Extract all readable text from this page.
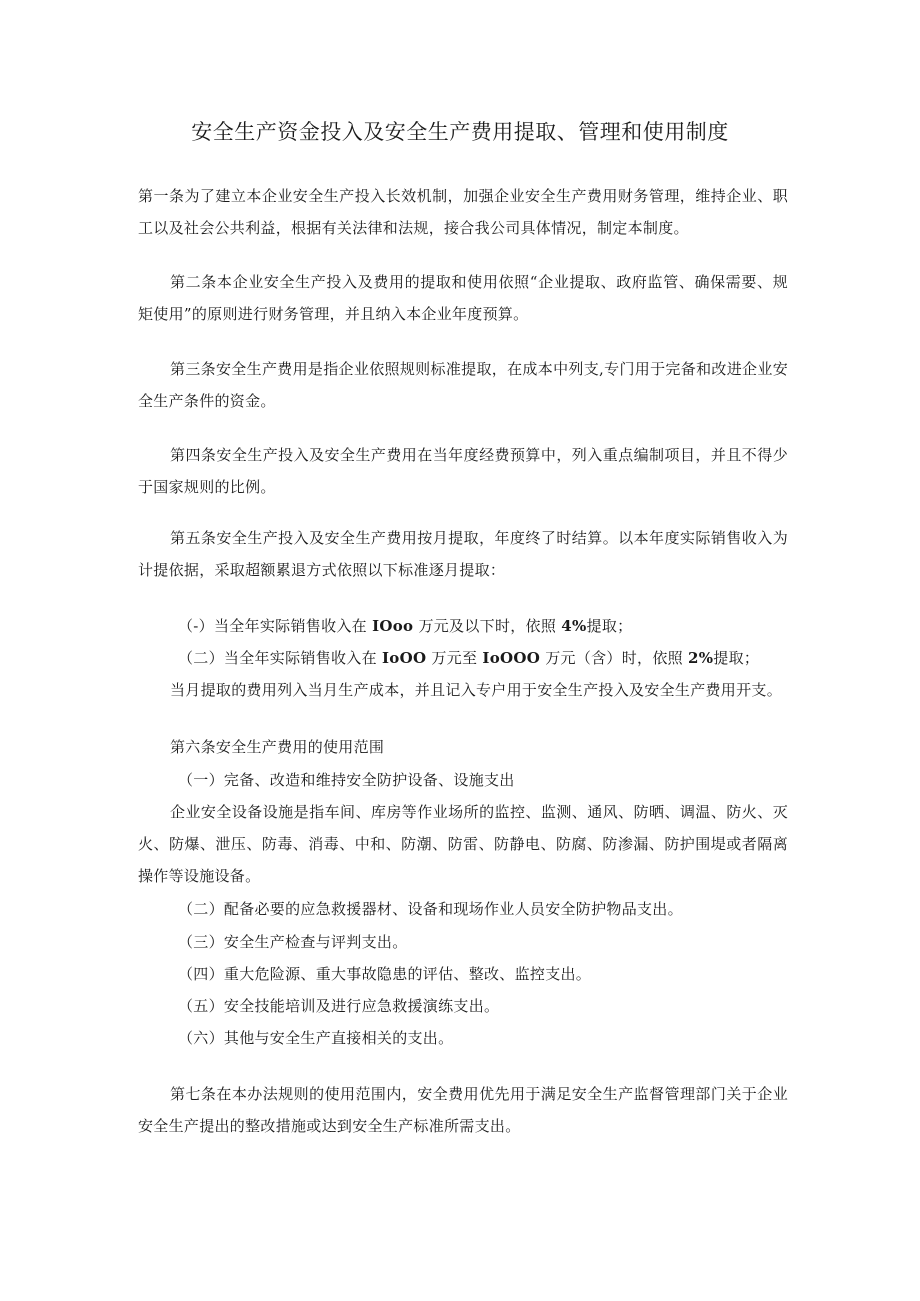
安全生产资金投入及安全生产费用提取、管理和使用制度

第一条为了建立本企业安全生产投入长效机制，加强企业安全生产费用财务管理，维持企业、职工以及社会公共利益，根据有关法律和法规，接合我公司具体情况，制定本制度。

第二条本企业安全生产投入及费用的提取和使用依照“企业提取、政府监管、确保需要、规矩使用”的原则进行财务管理，并且纳入本企业年度预算。

第三条安全生产费用是指企业依照规则标准提取，在成本中列支,专门用于完备和改进企业安全生产条件的资金。

第四条安全生产投入及安全生产费用在当年度经费预算中，列入重点编制项目，并且不得少于国家规则的比例。

第五条安全生产投入及安全生产费用按月提取，年度终了时结算。以本年度实际销售收入为计提依据，采取超额累退方式依照以下标准逐月提取：

（-）当全年实际销售收入在 IOoo 万元及以下时，依照 4%提取；

（二）当全年实际销售收入在 IoOO 万元至 IoOOO 万元（含）时，依照 2%提取；

当月提取的费用列入当月生产成本，并且记入专户用于安全生产投入及安全生产费用开支。

第六条安全生产费用的使用范围

（一）完备、改造和维持安全防护设备、设施支出

企业安全设备设施是指车间、库房等作业场所的监控、监测、通风、防晒、调温、防火、灭火、防爆、泄压、防毒、消毒、中和、防潮、防雷、防静电、防腐、防渗漏、防护围堤或者隔离操作等设施设备。

（二）配备必要的应急救援器材、设备和现场作业人员安全防护物品支出。

（三）安全生产检查与评判支出。

（四）重大危险源、重大事故隐患的评估、整改、监控支出。

（五）安全技能培训及进行应急救援演练支出。

（六）其他与安全生产直接相关的支出。

第七条在本办法规则的使用范围内，安全费用优先用于满足安全生产监督管理部门关于企业安全生产提出的整改措施或达到安全生产标准所需支出。
